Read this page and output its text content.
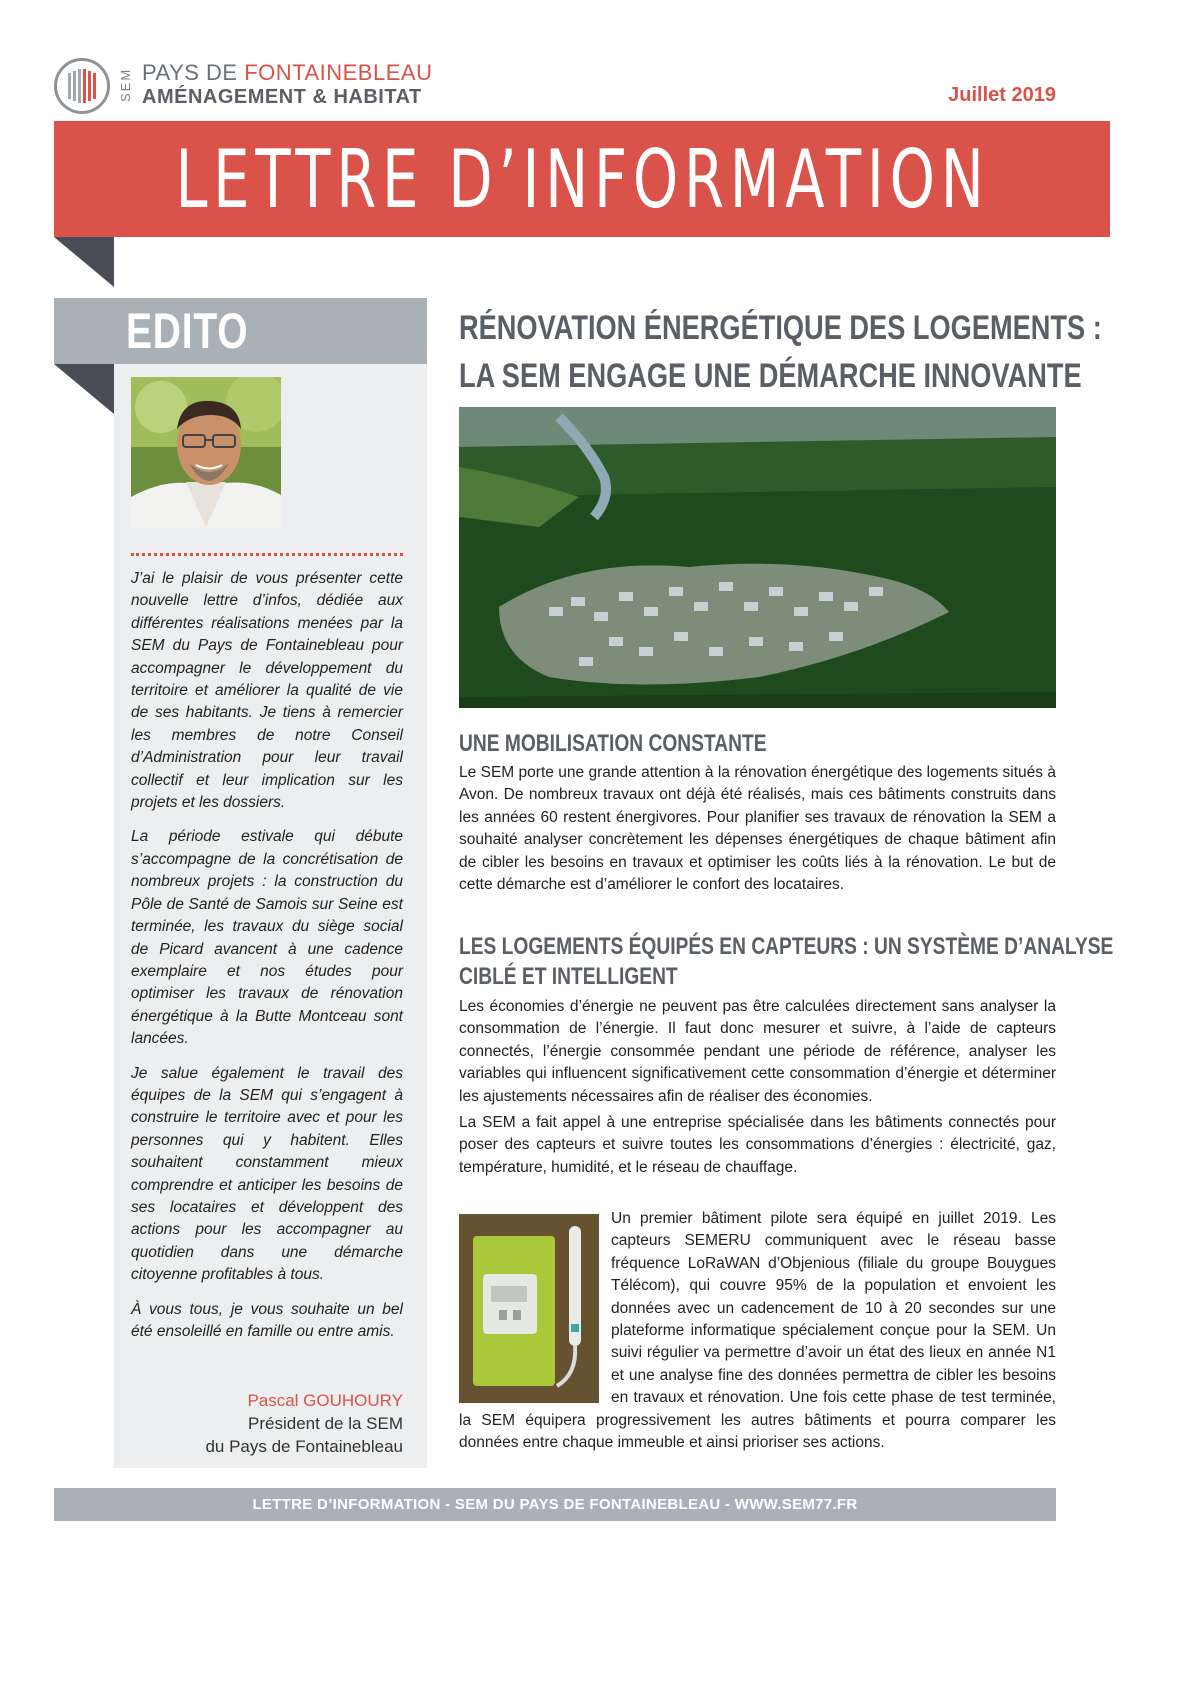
SEM PAYS DE FONTAINEBLEAU
AMÉNAGEMENT & HABITAT	Juillet 2019
LETTRE D’INFORMATION
EDITO

J’ai le plaisir de vous présenter cette nouvelle lettre d’infos, dédiée aux différentes réalisations menées par la SEM du Pays de Fontainebleau pour accompagner le développement du territoire et améliorer la qualité de vie de ses habitants. Je tiens à remercier les membres de notre Conseil d’Administration pour leur travail collectif et leur implication sur les projets et les dossiers.

La période estivale qui débute s’accompagne de la concrétisation de nombreux projets : la construction du Pôle de Santé de Samois sur Seine est terminée, les travaux du siège social de Picard avancent à une cadence exemplaire et nos études pour optimiser les travaux de rénovation énergétique à la Butte Montceau sont lancées.

Je salue également le travail des équipes de la SEM qui s’engagent à construire le territoire avec et pour les personnes qui y habitent. Elles souhaitent constamment mieux comprendre et anticiper les besoins de ses locataires et développent des actions pour les accompagner au quotidien dans une démarche citoyenne profitables à tous.

À vous tous, je vous souhaite un bel été ensoleillé en famille ou entre amis.

Pascal GOUHOURY
Président de la SEM
du Pays de Fontainebleau
RÉNOVATION ÉNERGÉTIQUE DES LOGEMENTS :
LA SEM ENGAGE UNE DÉMARCHE INNOVANTE
UNE MOBILISATION CONSTANTE

Le SEM porte une grande attention à la rénovation énergétique des logements situés à Avon. De nombreux travaux ont déjà été réalisés, mais ces bâtiments construits dans les années 60 restent énergivores. Pour planifier ses travaux de rénovation la SEM a souhaité analyser concrètement les dépenses énergétiques de chaque bâtiment afin de cibler les besoins en travaux et optimiser les coûts liés à la rénovation. Le but de cette démarche est d’améliorer le confort des locataires.

LES LOGEMENTS ÉQUIPÉS EN CAPTEURS : UN SYSTÈME D’ANALYSE
CIBLÉ ET INTELLIGENT

Les économies d’énergie ne peuvent pas être calculées directement sans analyser la consommation de l’énergie. Il faut donc mesurer et suivre, à l’aide de capteurs connectés, l’énergie consommée pendant une période de référence, analyser les variables qui influencent significativement cette consommation d’énergie et déterminer les ajustements nécessaires afin de réaliser des économies.

La SEM a fait appel à une entreprise spécialisée dans les bâtiments connectés pour poser des capteurs et suivre toutes les consommations d’énergies : électricité, gaz, température, humidité, et le réseau de chauffage.

Un premier bâtiment pilote sera équipé en juillet 2019. Les capteurs SEMERU communiquent avec le réseau basse fréquence LoRaWAN d’Objenious (filiale du groupe Bouygues Télécom), qui couvre 95% de la population et envoient les données avec un cadencement de 10 à 20 secondes sur une plateforme informatique spécialement conçue pour la SEM. Un suivi régulier va permettre d’avoir un état des lieux en année N1 et une analyse fine des données permettra de cibler les besoins en travaux et rénovation. Une fois cette phase de test terminée, la SEM équipera progressivement les autres bâtiments et pourra comparer les données entre chaque immeuble et ainsi prioriser ses actions.

LETTRE D’INFORMATION - SEM DU PAYS DE FONTAINEBLEAU - WWW.SEM77.FR
